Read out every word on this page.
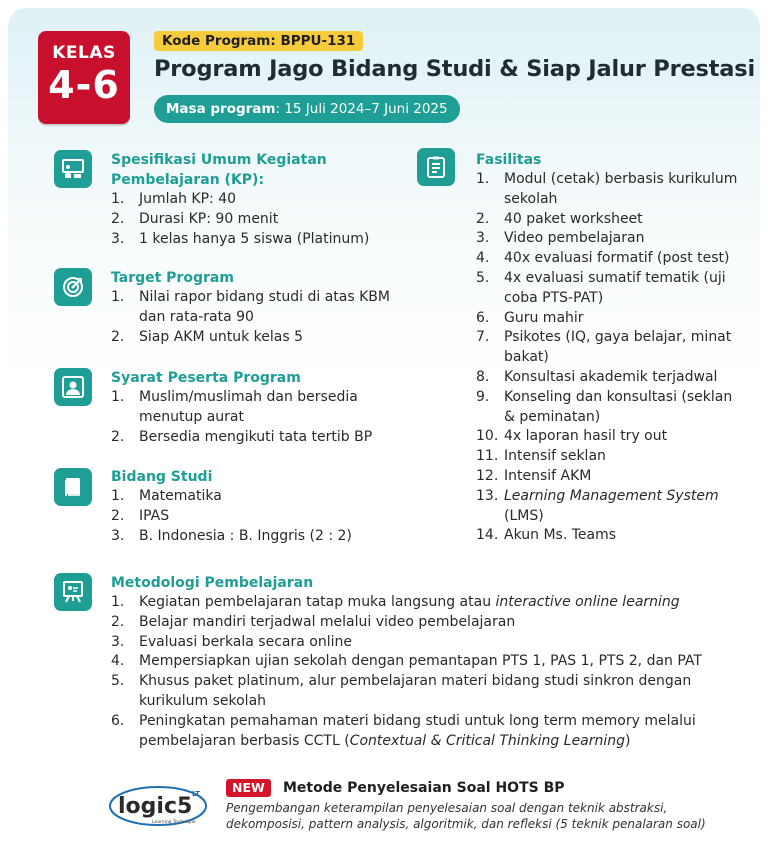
KELAS
4-6
Kode Program: BPPU-131
Program Jago Bidang Studi & Siap Jalur Prestasi
Masa program: 15 Juli 2024–7 Juni 2025
Spesifikasi Umum Kegiatan
Pembelajaran (KP):
1. Jumlah KP: 40
2. Durasi KP: 90 menit
3. 1 kelas hanya 5 siswa (Platinum)
Target Program
1. Nilai rapor bidang studi di atas KBM dan rata-rata 90
2. Siap AKM untuk kelas 5
Syarat Peserta Program
1. Muslim/muslimah dan bersedia menutup aurat
2. Bersedia mengikuti tata tertib BP
Bidang Studi
1. Matematika
2. IPAS
3. B. Indonesia : B. Inggris (2 : 2)
Fasilitas
1. Modul (cetak) berbasis kurikulum sekolah
2. 40 paket worksheet
3. Video pembelajaran
4. 40x evaluasi formatif (post test)
5. 4x evaluasi sumatif tematik (uji coba PTS-PAT)
6. Guru mahir
7. Psikotes (IQ, gaya belajar, minat bakat)
8. Konsultasi akademik terjadwal
9. Konseling dan konsultasi (seklan & peminatan)
10. 4x laporan hasil try out
11. Intensif seklan
12. Intensif AKM
13. Learning Management System (LMS)
14. Akun Ms. Teams
Metodologi Pembelajaran
1. Kegiatan pembelajaran tatap muka langsung atau interactive online learning
2. Belajar mandiri terjadwal melalui video pembelajaran
3. Evaluasi berkala secara online
4. Mempersiapkan ujian sekolah dengan pemantapan PTS 1, PAS 1, PTS 2, dan PAT
5. Khusus paket platinum, alur pembelajaran materi bidang studi sinkron dengan kurikulum sekolah
6. Peningkatan pemahaman materi bidang studi untuk long term memory melalui pembelajaran berbasis CCTL (Contextual & Critical Thinking Learning)
logic5 LT
Learning Technique
NEW	Metode Penyelesaian Soal HOTS BP
Pengembangan keterampilan penyelesaian soal dengan teknik abstraksi, dekomposisi, pattern analysis, algoritmik, dan refleksi (5 teknik penalaran soal)
